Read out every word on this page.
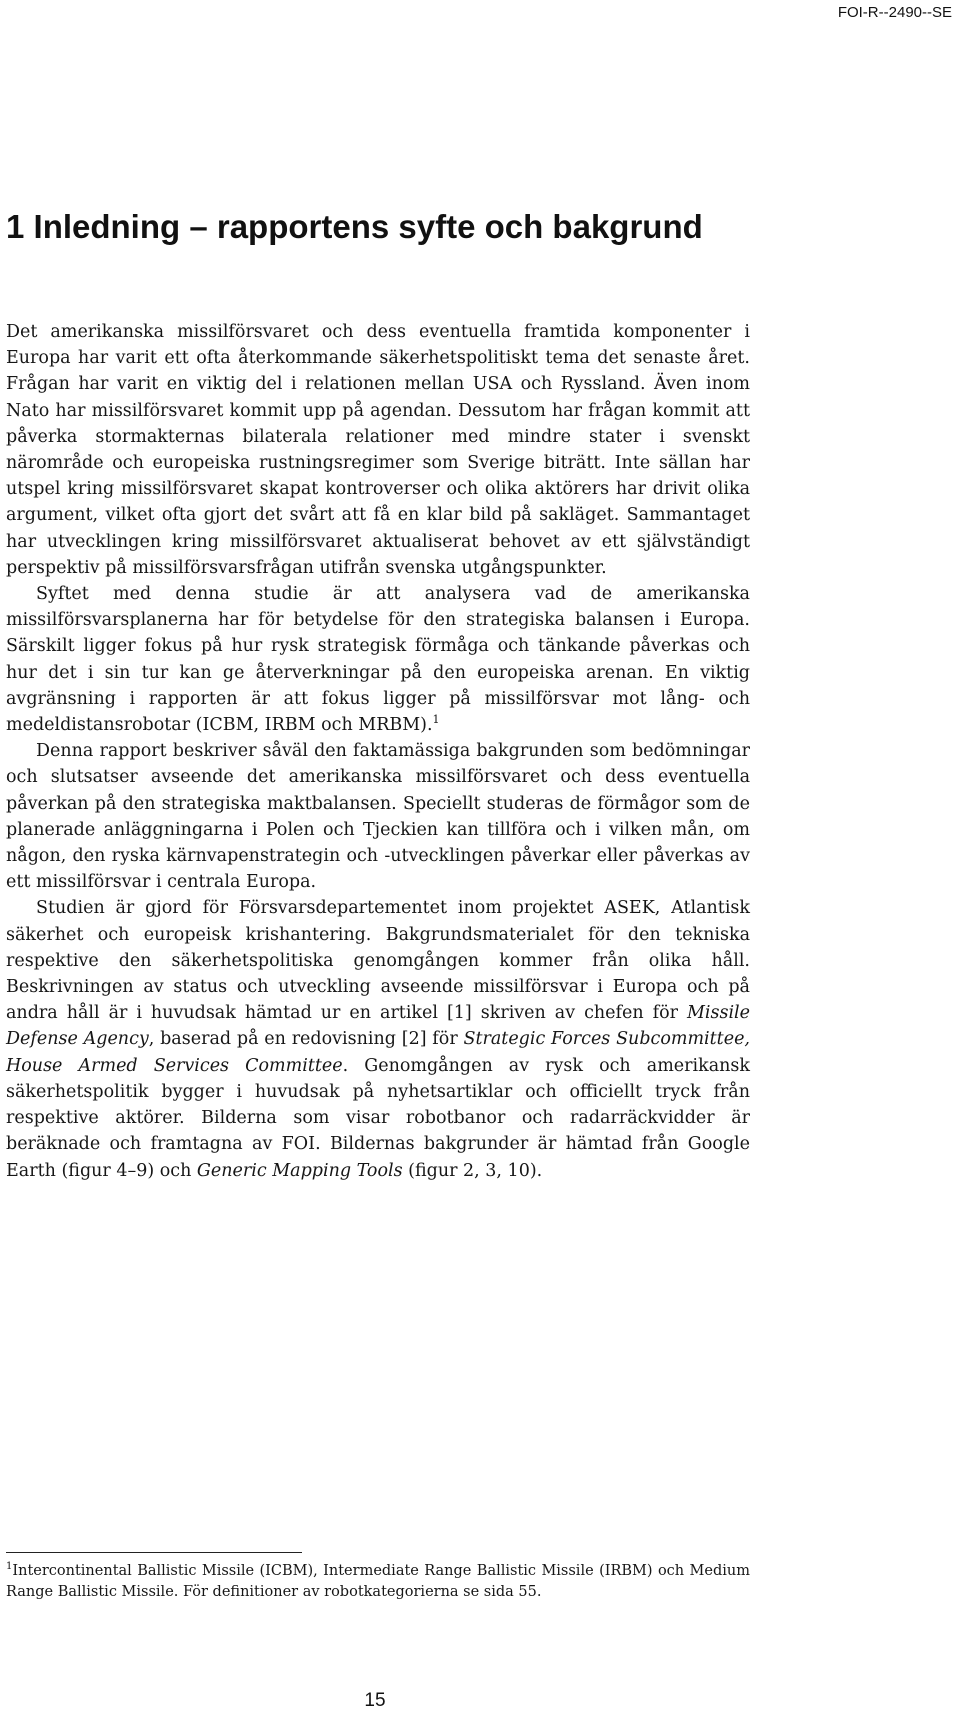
FOI-R--2490--SE
1 Inledning – rapportens syfte och bakgrund

Det amerikanska missilförsvaret och dess eventuella framtida komponenter i Europa har varit ett ofta återkommande säkerhetspolitiskt tema det senaste året. Frågan har varit en viktig del i relationen mellan USA och Ryssland. Även inom Nato har missilförsvaret kommit upp på agendan. Dessutom har frågan kommit att påverka stormakternas bilaterala relationer med mindre stater i svenskt närområde och europeiska rustningsregimer som Sverige biträtt. Inte sällan har utspel kring missilförsvaret skapat kontroverser och olika aktörers har drivit olika argument, vilket ofta gjort det svårt att få en klar bild på sakläget. Sammantaget har utvecklingen kring missilförsvaret aktualiserat behovet av ett självständigt perspektiv på missilförsvarsfrågan utifrån svenska utgångspunkter.

Syftet med denna studie är att analysera vad de amerikanska missilförsvarsplanerna har för betydelse för den strategiska balansen i Europa. Särskilt ligger fokus på hur rysk strategisk förmåga och tänkande påverkas och hur det i sin tur kan ge återverkningar på den europeiska arenan. En viktig avgränsning i rapporten är att fokus ligger på missilförsvar mot lång- och medeldistansrobotar (ICBM, IRBM och MRBM).$^1$

Denna rapport beskriver såväl den faktamässiga bakgrunden som bedömningar och slutsatser avseende det amerikanska missilförsvaret och dess eventuella påverkan på den strategiska maktbalansen. Speciellt studeras de förmågor som de planerade anläggningarna i Polen och Tjeckien kan tillföra och i vilken mån, om någon, den ryska kärnvapenstrategin och -utvecklingen påverkar eller påverkas av ett missilförsvar i centrala Europa.

Studien är gjord för Försvarsdepartementet inom projektet ASEK, Atlantisk säkerhet och europeisk krishantering. Bakgrundsmaterialet för den tekniska respektive den säkerhetspolitiska genomgången kommer från olika håll. Beskrivningen av status och utveckling avseende missilförsvar i Europa och på andra håll är i huvudsak hämtad ur en artikel [1] skriven av chefen för Missile Defense Agency, baserad på en redovisning [2] för Strategic Forces Subcommittee, House Armed Services Committee. Genomgången av rysk och amerikansk säkerhetspolitik bygger i huvudsak på nyhetsartiklar och officiellt tryck från respektive aktörer. Bilderna som visar robotbanor och radarräckvidder är beräknade och framtagna av FOI. Bildernas bakgrunder är hämtad från Google Earth (figur 4–9) och Generic Mapping Tools (figur 2, 3, 10).

$^1$Intercontinental Ballistic Missile (ICBM), Intermediate Range Ballistic Missile (IRBM) och Medium Range Ballistic Missile. För definitioner av robotkategorierna se sida 55.
15
